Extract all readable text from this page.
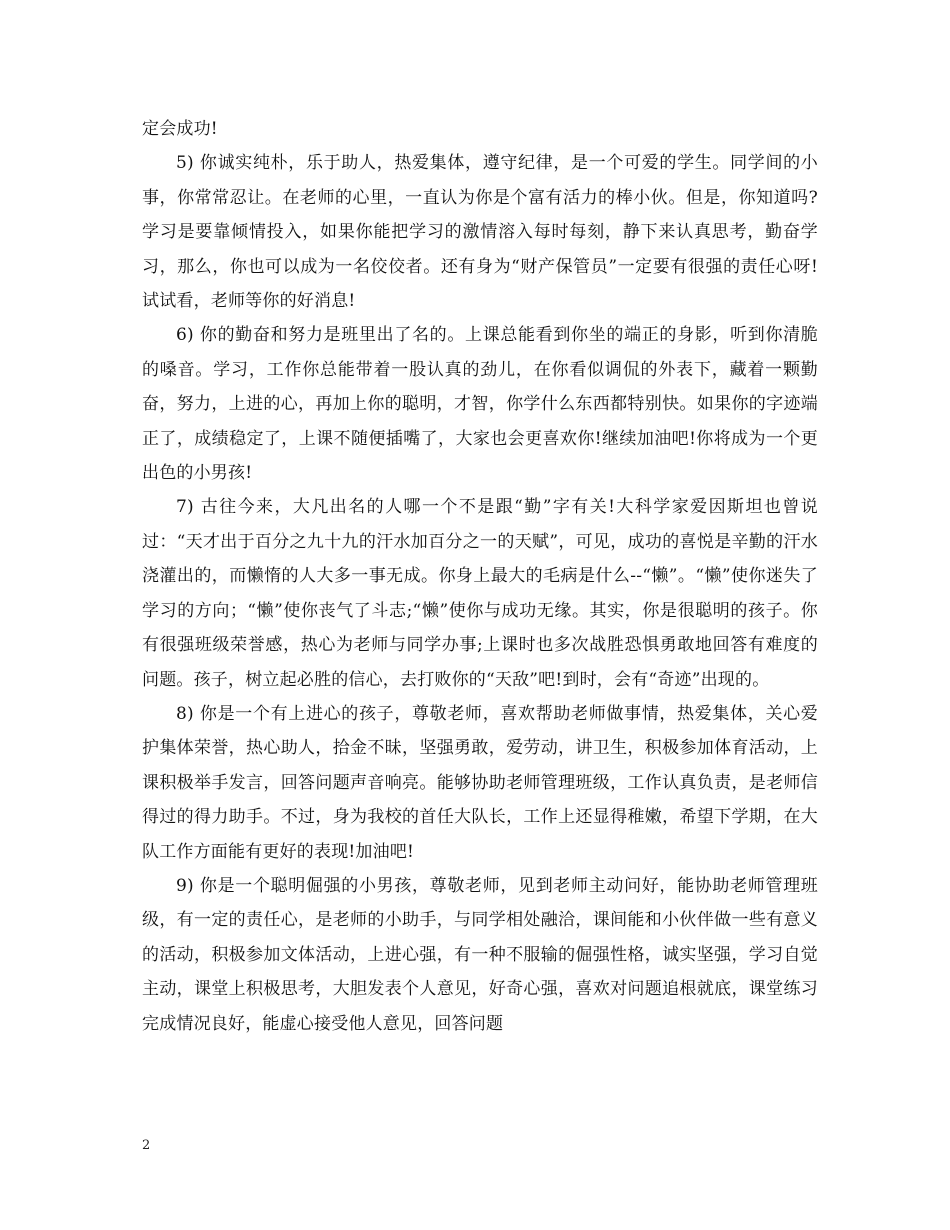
定会成功!

5) 你诚实纯朴，乐于助人，热爱集体，遵守纪律，是一个可爱的学生。同学间的小事，你常常忍让。在老师的心里，一直认为你是个富有活力的棒小伙。但是，你知道吗?学习是要靠倾情投入，如果你能把学习的激情溶入每时每刻，静下来认真思考，勤奋学习，那么，你也可以成为一名佼佼者。还有身为“财产保管员”一定要有很强的责任心呀!试试看，老师等你的好消息!

6) 你的勤奋和努力是班里出了名的。上课总能看到你坐的端正的身影，听到你清脆的嗓音。学习，工作你总能带着一股认真的劲儿，在你看似调侃的外表下，藏着一颗勤奋，努力，上进的心，再加上你的聪明，才智，你学什么东西都特别快。如果你的字迹端正了，成绩稳定了，上课不随便插嘴了，大家也会更喜欢你!继续加油吧!你将成为一个更出色的小男孩!

7) 古往今来，大凡出名的人哪一个不是跟“勤”字有关!大科学家爱因斯坦也曾说过：“天才出于百分之九十九的汗水加百分之一的天赋”，可见，成功的喜悦是辛勤的汗水浇灌出的，而懒惰的人大多一事无成。你身上最大的毛病是什么--“懒”。“懒”使你迷失了学习的方向；“懒”使你丧气了斗志;“懒”使你与成功无缘。其实，你是很聪明的孩子。你有很强班级荣誉感，热心为老师与同学办事;上课时也多次战胜恐惧勇敢地回答有难度的问题。孩子，树立起必胜的信心，去打败你的“天敌”吧!到时，会有“奇迹”出现的。

8) 你是一个有上进心的孩子，尊敬老师，喜欢帮助老师做事情，热爱集体，关心爱护集体荣誉，热心助人，拾金不昧，坚强勇敢，爱劳动，讲卫生，积极参加体育活动，上课积极举手发言，回答问题声音响亮。能够协助老师管理班级，工作认真负责，是老师信得过的得力助手。不过，身为我校的首任大队长，工作上还显得稚嫩，希望下学期，在大队工作方面能有更好的表现!加油吧!

9) 你是一个聪明倔强的小男孩，尊敬老师，见到老师主动问好，能协助老师管理班级，有一定的责任心，是老师的小助手，与同学相处融洽，课间能和小伙伴做一些有意义的活动，积极参加文体活动，上进心强，有一种不服输的倔强性格，诚实坚强，学习自觉主动，课堂上积极思考，大胆发表个人意见，好奇心强，喜欢对问题追根就底，课堂练习完成情况良好，能虚心接受他人意见，回答问题

2
